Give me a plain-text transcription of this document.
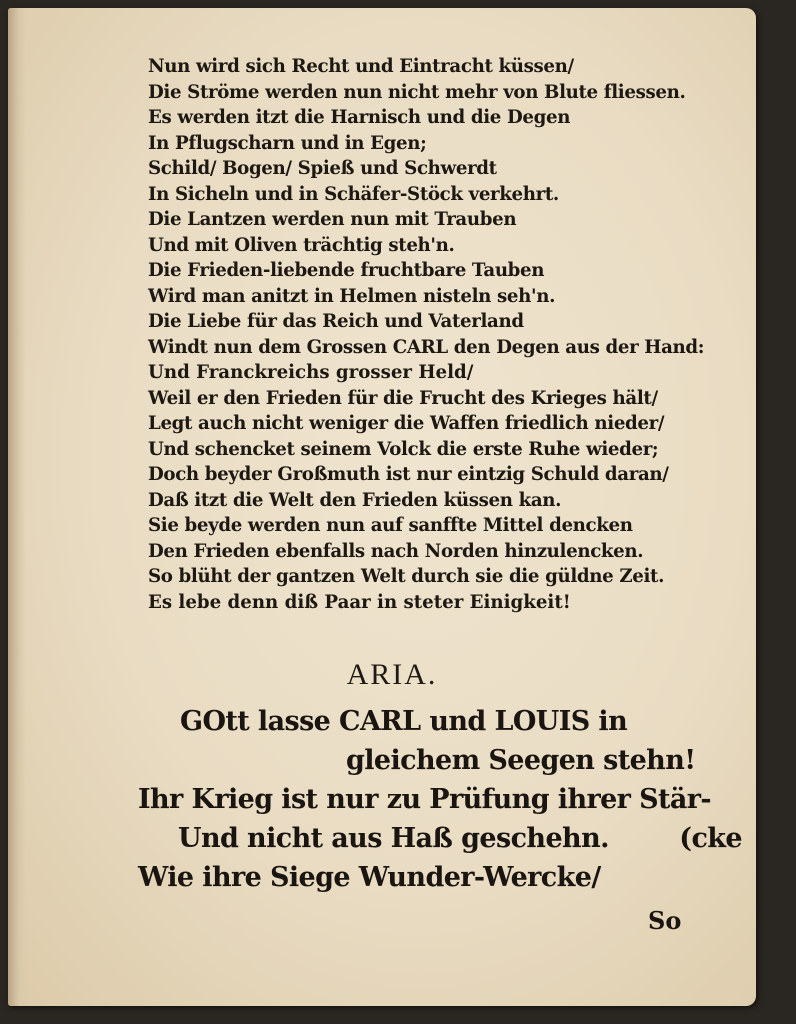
Nun wird sich Recht und Eintracht küssen/
Die Ströme werden nun nicht mehr von Blute fliessen.
Es werden itzt die Harnisch und die Degen
In Pflugscharn und in Egen;
Schild/ Bogen/ Spieß und Schwerdt
In Sicheln und in Schäfer-Stöck verkehrt.
Die Lantzen werden nun mit Trauben
Und mit Oliven trächtig steh'n.
Die Frieden-liebende fruchtbare Tauben
Wird man anitzt in Helmen nisteln seh'n.
Die Liebe für das Reich und Vaterland
Windt nun dem Grossen CARL den Degen aus der Hand:
Und Franckreichs grosser Held/
Weil er den Frieden für die Frucht des Krieges hält/
Legt auch nicht weniger die Waffen friedlich nieder/
Und schencket seinem Volck die erste Ruhe wieder;
Doch beyder Großmuth ist nur eintzig Schuld daran/
Daß itzt die Welt den Frieden küssen kan.
Sie beyde werden nun auf sanffte Mittel dencken
Den Frieden ebenfalls nach Norden hinzulencken.
So blüht der gantzen Welt durch sie die güldne Zeit.
Es lebe denn diß Paar in steter Einigkeit!
ARIA.
GOtt lasse CARL und LOUIS in
gleichem Seegen stehn!
Ihr Krieg ist nur zu Prüfung ihrer Stär-
Und nicht aus Haß geschehn.        (cke
Wie ihre Siege Wunder-Wercke/
So
